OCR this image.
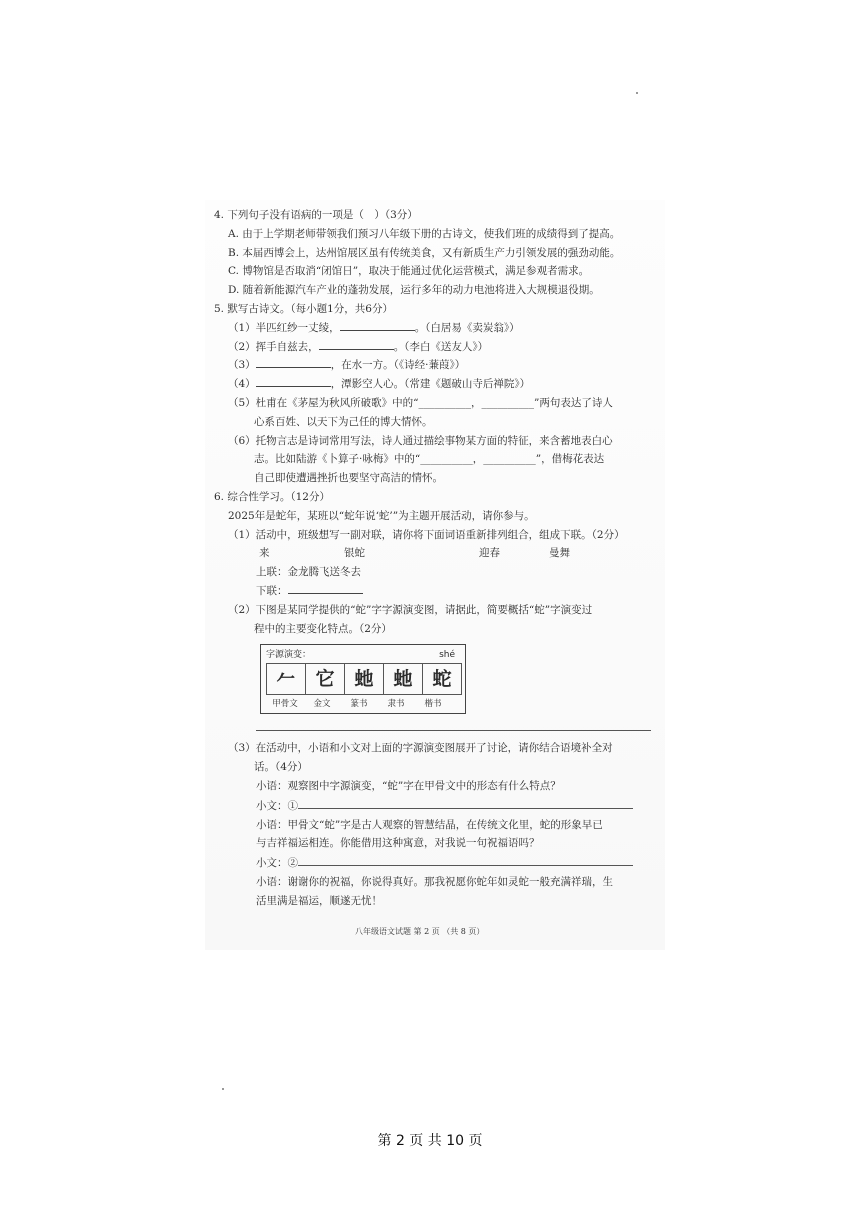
4. 下列句子没有语病的一项是（　）（3分）
A. 由于上学期老师带领我们预习八年级下册的古诗文，使我们班的成绩得到了提高。
B. 本届西博会上，达州馆展区虽有传统美食，又有新质生产力引领发展的强劲动能。
C. 博物馆是否取消“闭馆日”，取决于能通过优化运营模式，满足参观者需求。
D. 随着新能源汽车产业的蓬勃发展，运行多年的动力电池将进入大规模退役期。
5. 默写古诗文。（每小题1分，共6分）
（1）半匹红纱一丈绫，	。（白居易《卖炭翁》）
（2）挥手自兹去，	。（李白《送友人》）
（3）	，在水一方。（《诗经·蒹葭》）
（4）	，潭影空人心。（常建《题破山寺后禅院》）
（5）杜甫在《茅屋为秋风所破歌》中的“__________，__________”两句表达了诗人
心系百姓、以天下为己任的博大情怀。
（6）托物言志是诗词常用写法，诗人通过描绘事物某方面的特征，来含蓄地表白心
志。比如陆游《卜算子·咏梅》中的“__________，__________”，借梅花表达
自己即使遭遇挫折也要坚守高洁的情怀。
6. 综合性学习。（12分）
2025年是蛇年，某班以“蛇年说‘蛇’”为主题开展活动，请你参与。
（1）活动中，班级想写一副对联，请你将下面词语重新排列组合，组成下联。（2分）
来	银蛇	迎春	曼舞
上联：金龙腾飞送冬去
下联：
（2）下图是某同学提供的“蛇”字字源演变图，请据此，简要概括“蛇”字演变过
程中的主要变化特点。（2分）
字源演变：	shé
𠂉	它	虵	虵	蛇
甲骨文	金文	篆书	隶书	楷书
（3）在活动中，小语和小文对上面的字源演变图展开了讨论，请你结合语境补全对
话。（4分）
小语：观察图中字源演变，“蛇”字在甲骨文中的形态有什么特点？
小文：①
小语：甲骨文“蛇”字是古人观察的智慧结晶，在传统文化里，蛇的形象早已
与吉祥福运相连。你能借用这种寓意，对我说一句祝福语吗？
小文：②
小语：谢谢你的祝福，你说得真好。那我祝愿你蛇年如灵蛇一般充满祥瑞，生
活里满是福运，顺遂无忧！
八年级语文试题 第 2 页 （共 8 页）
第 2 页 共 10 页
